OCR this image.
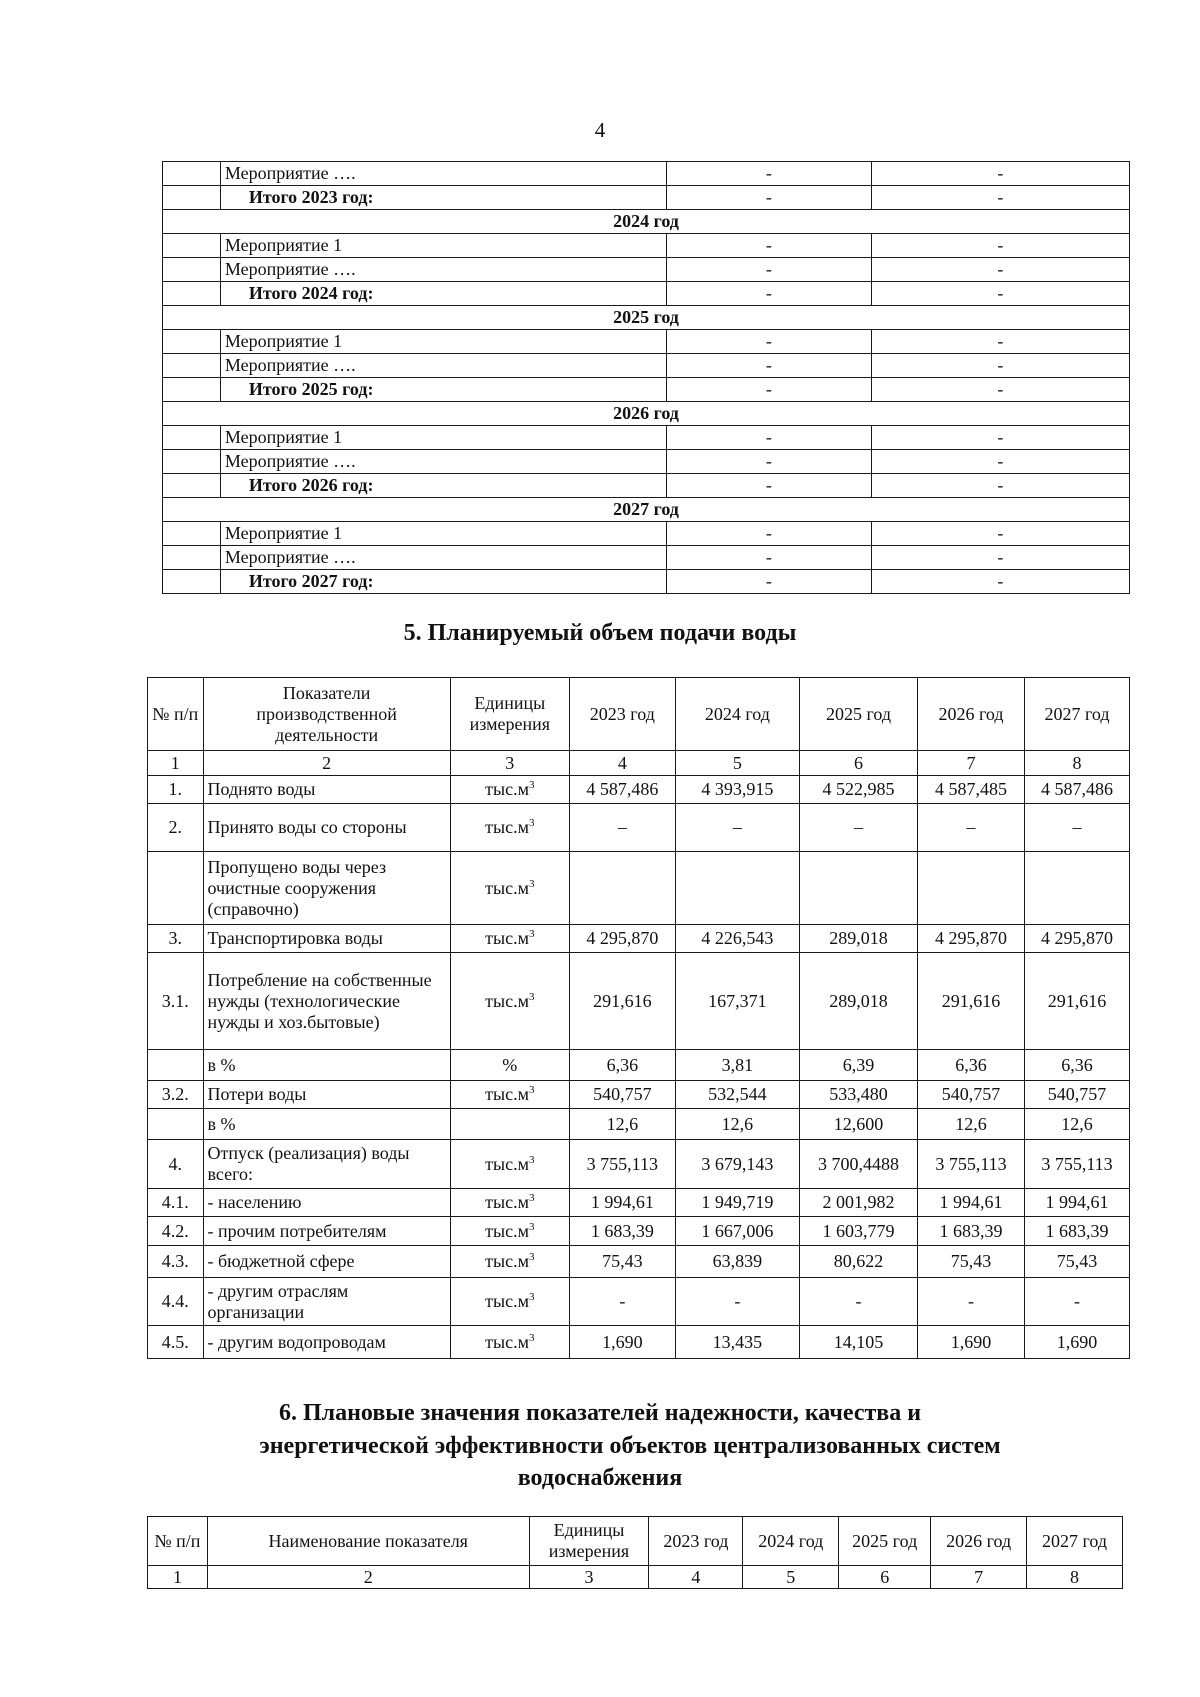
4
	Мероприятие ….	-	-
	Итого 2023 год:	-	-
2024 год			
	Мероприятие 1	-	-
	Мероприятие ….	-	-
	Итого 2024 год:	-	-
2025 год			
	Мероприятие 1	-	-
	Мероприятие ….	-	-
	Итого 2025 год:	-	-
2026 год			
	Мероприятие 1	-	-
	Мероприятие ….	-	-
	Итого 2026 год:	-	-
2027 год			
	Мероприятие 1	-	-
	Мероприятие ….	-	-
	Итого 2027 год:	-	-
5. Планируемый объем подачи воды
№ п/п	Показатели производственной деятельности	Единицы измерения	2023 год	2024 год	2025 год	2026 год	2027 год
1	2	3	4	5	6	7	8
1.	Поднято воды	$тыс.м^3$	4 587,486	4 393,915	4 522,985	4 587,485	4 587,486
2.	Принято воды со стороны	$тыс.м^3$	–	–	–	–	–
	Пропущено воды через очистные сооружения (справочно)	$тыс.м^3$					
3.	Транспортировка воды	$тыс.м^3$	4 295,870	4 226,543	289,018	4 295,870	4 295,870
3.1.	Потребление на собственные нужды (технологические нужды и хоз.бытовые)	$тыс.м^3$	291,616	167,371	289,018	291,616	291,616
	в %	%	6,36	3,81	6,39	6,36	6,36
3.2.	Потери воды	$тыс.м^3$	540,757	532,544	533,480	540,757	540,757
	в %		12,6	12,6	12,600	12,6	12,6
4.	Отпуск (реализация) воды всего:	$тыс.м^3$	3 755,113	3 679,143	3 700,4488	3 755,113	3 755,113
4.1.	- населению	$тыс.м^3$	1 994,61	1 949,719	2 001,982	1 994,61	1 994,61
4.2.	- прочим потребителям	$тыс.м^3$	1 683,39	1 667,006	1 603,779	1 683,39	1 683,39
4.3.	- бюджетной сфере	$тыс.м^3$	75,43	63,839	80,622	75,43	75,43
4.4.	- другим отраслям организации	$тыс.м^3$	-	-	-	-	-
4.5.	- другим водопроводам	$тыс.м^3$	1,690	13,435	14,105	1,690	1,690
6. Плановые значения показателей надежности, качества и
энергетической эффективности объектов централизованных систем
водоснабжения
№ п/п	Наименование показателя	Единицы измерения	2023 год	2024 год	2025 год	2026 год	2027 год
1	2	3	4	5	6	7	8
